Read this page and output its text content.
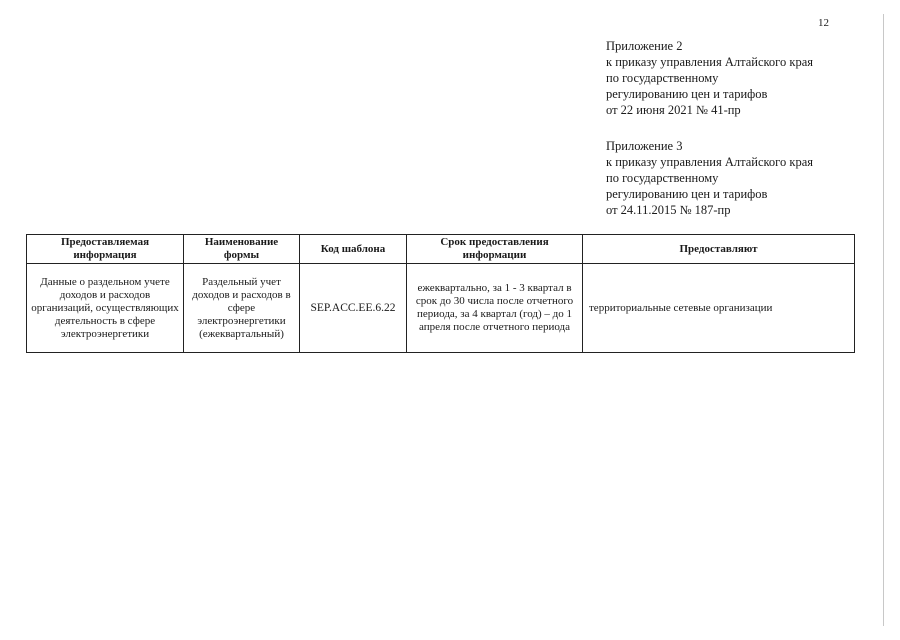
12
Приложение 2
к приказу управления Алтайского края
по государственному
регулированию цен и тарифов
от 22 июня 2021 № 41-пр
Приложение 3
к приказу управления Алтайского края
по государственному
регулированию цен и тарифов
от 24.11.2015 № 187-пр
Предоставляемая информация	Наименование формы	Код шаблона	Срок предоставления информации	Предоставляют
Данные о раздельном учете доходов и расходов организаций, осуществляющих деятельность в сфере электроэнергетики	Раздельный учет доходов и расходов в сфере электроэнергетики (ежеквартальный)	SEP.ACC.EE.6.22	ежеквартально, за 1 - 3 квартал в срок до 30 числа после отчетного периода, за 4 квартал (год) – до 1 апреля после отчетного периода	территориальные сетевые организации
